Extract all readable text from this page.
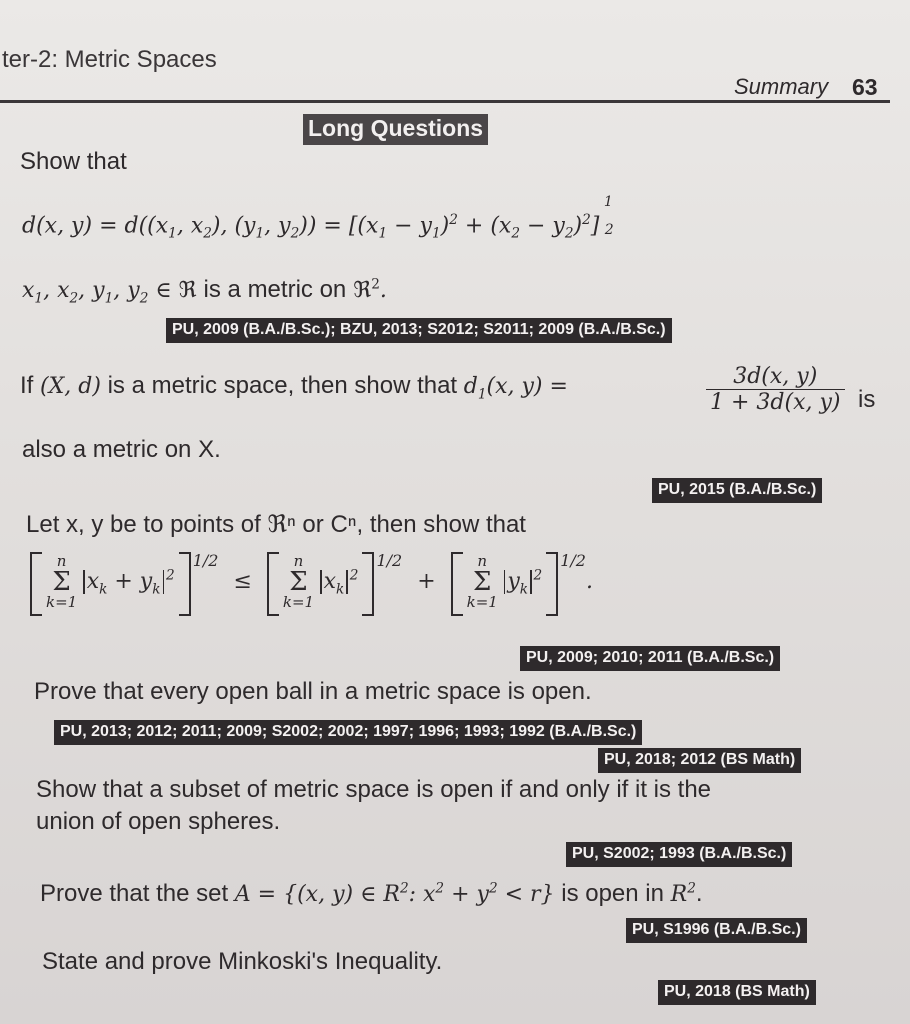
ter-2: Metric Spaces
Summary 63
Long Questions
Show that
d(x, $y) = d((x_1$, $x_2$), ($y_1$, $y_2)) = [(x_1 - y_1)^2 + (x_2 - y_2)^2]$ $^1$2
$x_1$, $x_2$, $y_1$, $y_2$ ∈ ℜ is a metric on ℜ$^2$.
PU, 2009 (B.A./B.Sc.); BZU, 2013; S2012; S2011; 2009 (B.A./B.Sc.)
If (X, d) is a metric space, then show that $d_1(x$, y) =	$\frac{3d(x, y)}{1 + 3d(x, y)}$ is
also a metric on X.
PU, 2015 (B.A./B.Sc.)
Let x, y be to points of ℜⁿ or Cⁿ, then show that
n
Σ
k=1
$x_k + y_k^2$
$^{1/2}$ ≤
n
Σ
k=1
$x_k^2$
$^{1/2}$ +
n
Σ
k=1
$y_k^2$
$^{1/2}$.
PU, 2009; 2010; 2011 (B.A./B.Sc.)
Prove that every open ball in a metric space is open.
PU, 2013; 2012; 2011; 2009; S2002; 2002; 1997; 1996; 1993; 1992 (B.A./B.Sc.)
PU, 2018; 2012 (BS Math)
Show that a subset of metric space is open if and only if it is the
union of open spheres.
PU, S2002; 1993 (B.A./B.Sc.)
Prove that the set A = {(x, y) ∈ $R^2$: $x^2 + y^2 < r$} is open in $R^2$.
PU, S1996 (B.A./B.Sc.)
State and prove Minkoski's Inequality.
PU, 2018 (BS Math)
